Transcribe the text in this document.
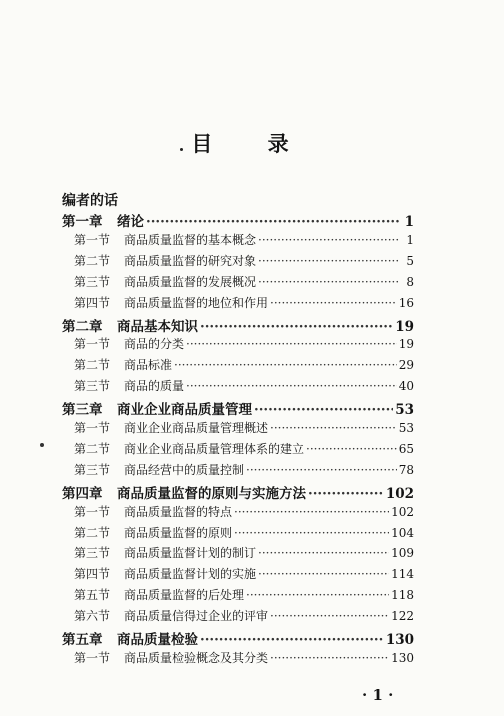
目 录
编者的话
第一章	绪论 ·····	1
第一节	商品质量监督的基本概念 ·····	1
第二节	商品质量监督的研究对象 ·····	5
第三节	商品质量监督的发展概况 ·····	8
第四节	商品质量监督的地位和作用 ·····	16
第二章	商品基本知识 ·····	19
第一节	商品的分类 ·····	19
第二节	商品标准 ·····	29
第三节	商品的质量 ·····	40
第三章	商业企业商品质量管理 ·····	53
第一节	商业企业商品质量管理概述 ·····	53
第二节	商业企业商品质量管理体系的建立 ·····	65
第三节	商品经营中的质量控制 ·····	78
第四章	商品质量监督的原则与实施方法 ·····	102
第一节	商品质量监督的特点 ·····	102
第二节	商品质量监督的原则 ·····	104
第三节	商品质量监督计划的制订 ·····	109
第四节	商品质量监督计划的实施 ·····	114
第五节	商品质量监督的后处理 ·····	118
第六节	商品质量信得过企业的评审 ·····	122
第五章	商品质量检验 ·····	130
第一节	商品质量检验概念及其分类 ·····	130
· 1 ·
